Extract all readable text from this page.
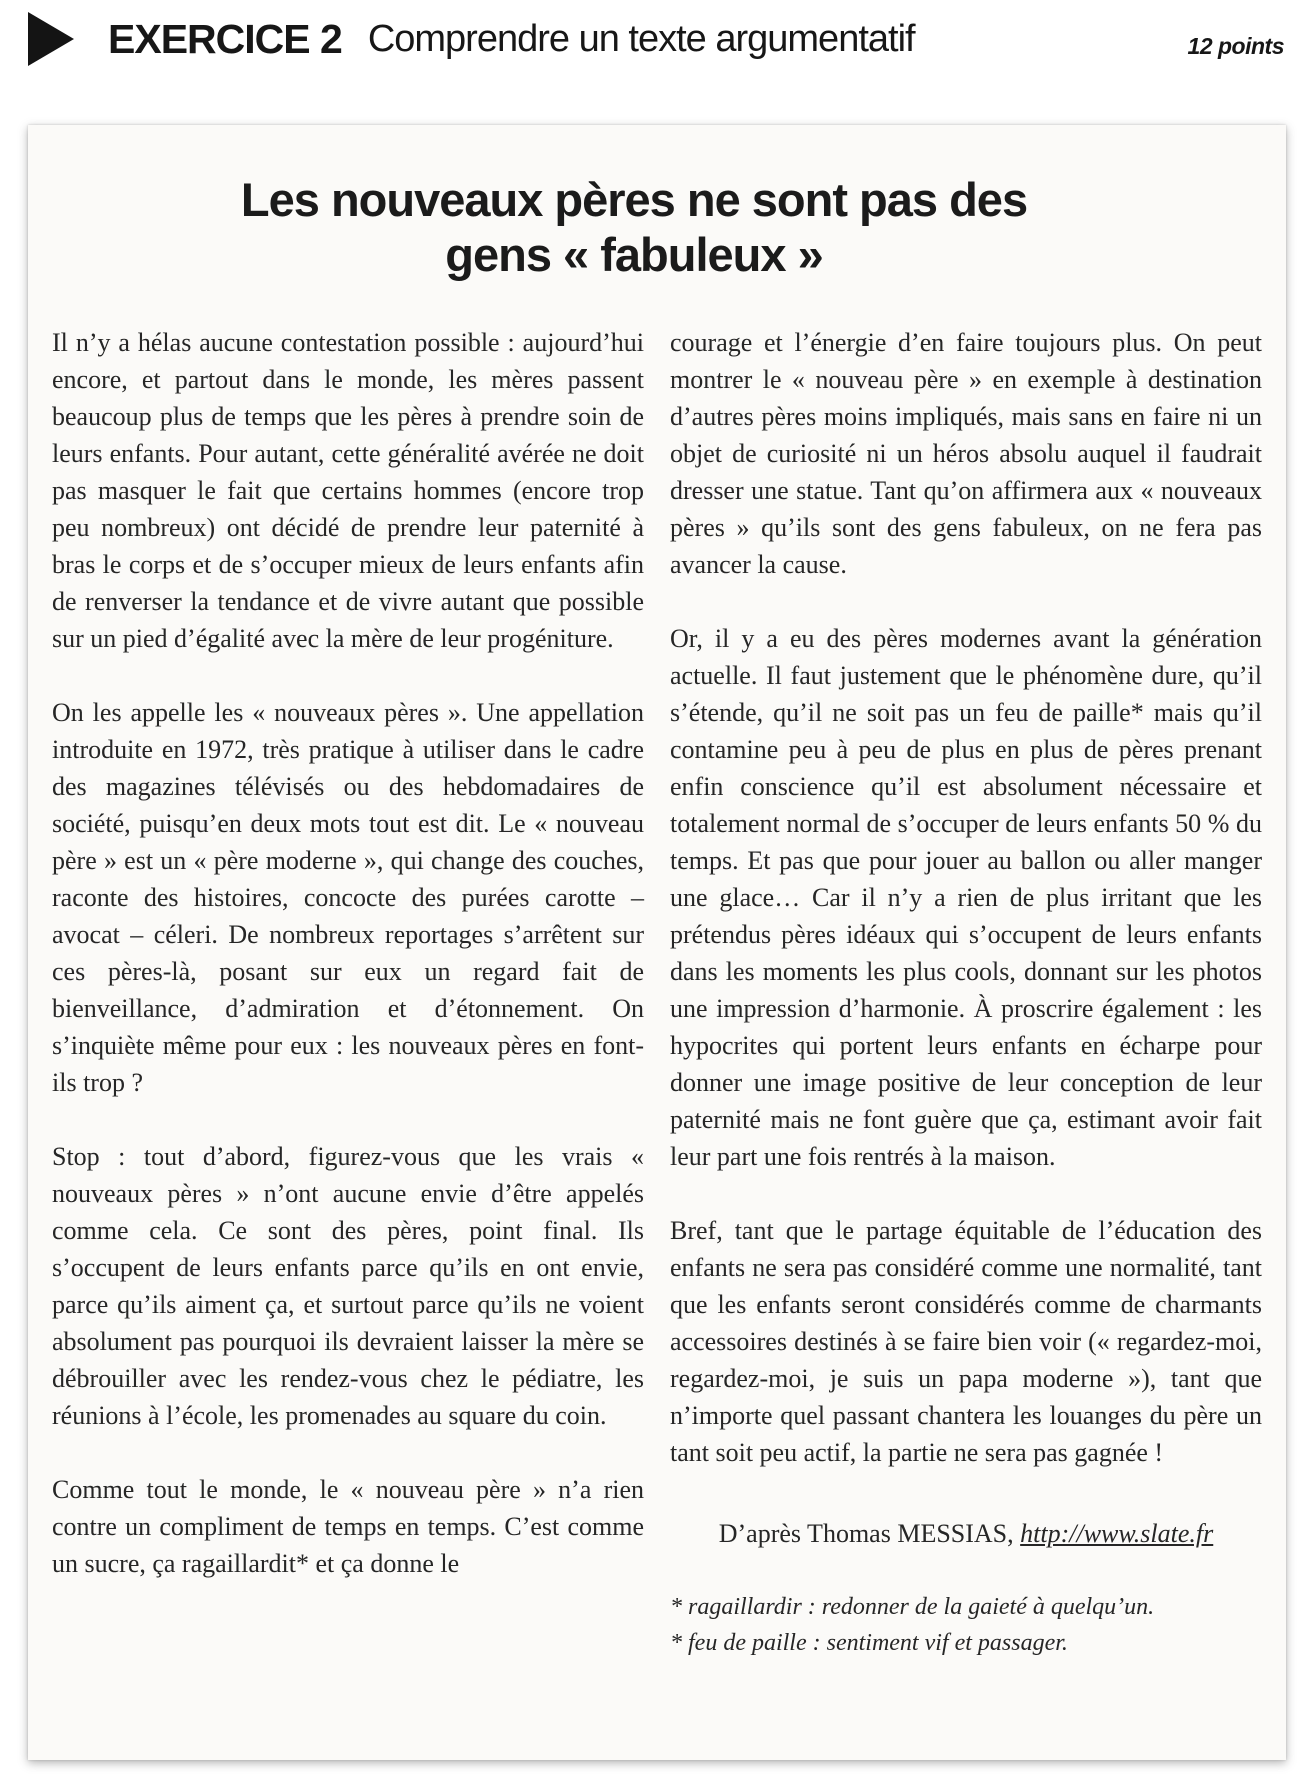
EXERCICE 2 Comprendre un texte argumentatif	12 points
Les nouveaux pères ne sont pas des
gens « fabuleux »

Il n’y a hélas aucune contestation possible : aujourd’hui encore, et partout dans le monde, les mères passent beaucoup plus de temps que les pères à prendre soin de leurs enfants. Pour autant, cette généralité avérée ne doit pas masquer le fait que certains hommes (encore trop peu nombreux) ont décidé de prendre leur paternité à bras le corps et de s’occuper mieux de leurs enfants afin de renverser la tendance et de vivre autant que possible sur un pied d’égalité avec la mère de leur progéniture.

On les appelle les « nouveaux pères ». Une appellation introduite en 1972, très pratique à utiliser dans le cadre des magazines télévisés ou des hebdomadaires de société, puisqu’en deux mots tout est dit. Le « nouveau père » est un « père moderne », qui change des couches, raconte des histoires, concocte des purées carotte – avocat – céleri. De nombreux reportages s’arrêtent sur ces pères-là, posant sur eux un regard fait de bienveillance, d’admiration et d’étonnement. On s’inquiète même pour eux : les nouveaux pères en font-ils trop ?

Stop : tout d’abord, figurez-vous que les vrais « nouveaux pères » n’ont aucune envie d’être appelés comme cela. Ce sont des pères, point final. Ils s’occupent de leurs enfants parce qu’ils en ont envie, parce qu’ils aiment ça, et surtout parce qu’ils ne voient absolument pas pourquoi ils devraient laisser la mère se débrouiller avec les rendez-vous chez le pédiatre, les réunions à l’école, les promenades au square du coin.

Comme tout le monde, le « nouveau père » n’a rien contre un compliment de temps en temps. C’est comme un sucre, ça ragaillardit* et ça donne le

courage et l’énergie d’en faire toujours plus. On peut montrer le « nouveau père » en exemple à destination d’autres pères moins impliqués, mais sans en faire ni un objet de curiosité ni un héros absolu auquel il faudrait dresser une statue. Tant qu’on affirmera aux « nouveaux pères » qu’ils sont des gens fabuleux, on ne fera pas avancer la cause.

Or, il y a eu des pères modernes avant la génération actuelle. Il faut justement que le phénomène dure, qu’il s’étende, qu’il ne soit pas un feu de paille* mais qu’il contamine peu à peu de plus en plus de pères prenant enfin conscience qu’il est absolument nécessaire et totalement normal de s’occuper de leurs enfants 50 % du temps. Et pas que pour jouer au ballon ou aller manger une glace… Car il n’y a rien de plus irritant que les prétendus pères idéaux qui s’occupent de leurs enfants dans les moments les plus cools, donnant sur les photos une impression d’harmonie. À proscrire également : les hypocrites qui portent leurs enfants en écharpe pour donner une image positive de leur conception de leur paternité mais ne font guère que ça, estimant avoir fait leur part une fois rentrés à la maison.

Bref, tant que le partage équitable de l’éducation des enfants ne sera pas considéré comme une normalité, tant que les enfants seront considérés comme de charmants accessoires destinés à se faire bien voir (« regardez-moi, regardez-moi, je suis un papa moderne »), tant que n’importe quel passant chantera les louanges du père un tant soit peu actif, la partie ne sera pas gagnée !

D’après Thomas MESSIAS, http://www.slate.fr

* ragaillardir : redonner de la gaieté à quelqu’un.

* feu de paille : sentiment vif et passager.
